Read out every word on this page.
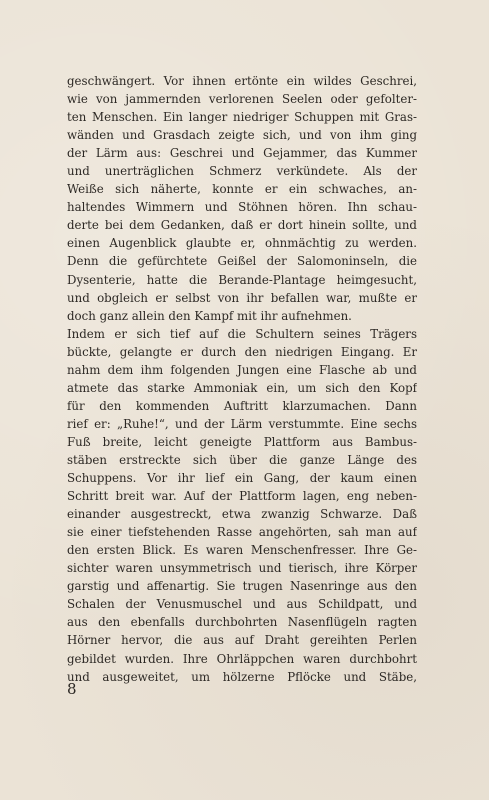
geschwängert. Vor ihnen ertönte ein wildes Geschrei,
wie von jammernden verlorenen Seelen oder gefolter-
ten Menschen. Ein langer niedriger Schuppen mit Gras-
wänden und Grasdach zeigte sich, und von ihm ging
der Lärm aus: Geschrei und Gejammer, das Kummer
und unerträglichen Schmerz verkündete. Als der
Weiße sich näherte, konnte er ein schwaches, an-
haltendes Wimmern und Stöhnen hören. Ihn schau-
derte bei dem Gedanken, daß er dort hinein sollte, und
einen Augenblick glaubte er, ohnmächtig zu werden.
Denn die gefürchtete Geißel der Salomoninseln, die
Dysenterie, hatte die Berande-Plantage heimgesucht,
und obgleich er selbst von ihr befallen war, mußte er
doch ganz allein den Kampf mit ihr aufnehmen.
Indem er sich tief auf die Schultern seines Trägers
bückte, gelangte er durch den niedrigen Eingang. Er
nahm dem ihm folgenden Jungen eine Flasche ab und
atmete das starke Ammoniak ein, um sich den Kopf
für den kommenden Auftritt klarzumachen. Dann
rief er: „Ruhe!“, und der Lärm verstummte. Eine sechs
Fuß breite, leicht geneigte Plattform aus Bambus-
stäben erstreckte sich über die ganze Länge des
Schuppens. Vor ihr lief ein Gang, der kaum einen
Schritt breit war. Auf der Plattform lagen, eng neben-
einander ausgestreckt, etwa zwanzig Schwarze. Daß
sie einer tiefstehenden Rasse angehörten, sah man auf
den ersten Blick. Es waren Menschenfresser. Ihre Ge-
sichter waren unsymmetrisch und tierisch, ihre Körper
garstig und affenartig. Sie trugen Nasenringe aus den
Schalen der Venusmuschel und aus Schildpatt, und
aus den ebenfalls durchbohrten Nasenflügeln ragten
Hörner hervor, die aus auf Draht gereihten Perlen
gebildet wurden. Ihre Ohrläppchen waren durchbohrt
und ausgeweitet, um hölzerne Pflöcke und Stäbe,
8
